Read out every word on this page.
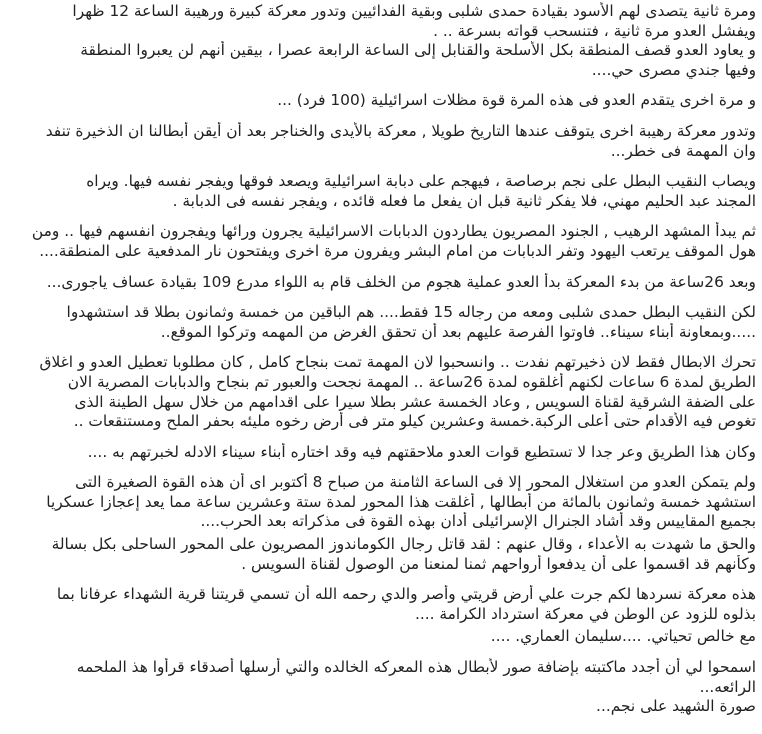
ومرة ثانية يتصدى لهم الأسود بقيادة حمدى شلبى وبقية الفدائيين وتدور معركة كبيرة ورهيبة الساعة 12 ظهرا
ويفشل العدو مرة ثانية ، فتنسحب قواته بسرعة .. .
و يعاود العدو قصف المنطقة بكل الأسلحة والقنابل إلى الساعة الرابعة عصرا ، بيقين أنهم لن يعبروا المنطقة
وفيها جندي مصرى حي....
و مرة اخرى يتقدم العدو فى هذه المرة قوة مظلات اسرائيلية (100 فرد) ...
وتدور معركة رهيبة اخرى يتوقف عندها التاريخ طويلا , معركة بالأيدى والخناجر بعد أن أيقن أبطالنا ان الذخيرة تنفد
وان المهمة فى خطر...
ويصاب النقيب البطل على نجم برصاصة ، فيهجم على دبابة اسرائيلية ويصعد فوقها ويفجر نفسه فيها. ويراه
المجند عبد الحليم مهني، فلا يفكر ثانية قبل ان يفعل ما فعله قائده ، ويفجر نفسه فى الدبابة .
ثم يبدأ المشهد الرهيب , الجنود المصريون يطاردون الدبابات الاسرائيلية يجرون ورائها ويفجرون انفسهم فيها .. ومن
هول الموقف يرتعب اليهود وتفر الدبابات من امام البشر ويفرون مرة اخرى ويفتحون نار المدفعية على المنطقة....
وبعد 26ساعة من بدء المعركة بدأ العدو عملية هجوم من الخلف قام به اللواء مدرع 109 بقيادة عساف ياجورى...
لكن النقيب البطل حمدى شلبى ومعه من رجاله 15 فقط.... هم الباقين من خمسة وثمانون بطلا قد استشهدوا
.....وبمعاونة أبناء سيناء.. فاوتوا الفرصة عليهم بعد أن تحقق الغرض من المهمه وتركوا الموقع..
تحرك الابطال فقط لان ذخيرتهم نفدت .. وانسحبوا لان المهمة تمت بنجاح كامل , كان مطلوبا تعطيل العدو و اغلاق
الطريق لمدة 6 ساعات لكنهم أغلقوه لمدة 26ساعة .. المهمة نجحت والعبور تم بنجاح والدبابات المصرية الان
على الضفة الشرقية لقناة السويس , وعاد الخمسة عشر بطلا سيرا على اقدامهم من خلال سهل الطينة الذى
تغوص فيه الأقدام حتى أعلى الركبة.خمسة وعشرين كيلو متر فى أرض رخوه مليئه بحفر الملح ومستنقعات ..
وكان هذا الطريق وعر جدا لا تستطيع قوات العدو ملاحقتهم فيه وقد اختاره أبناء سيناء الادله لخبرتهم به ....
ولم يتمكن العدو من استغلال المحور إلا فى الساعة الثامنة من صباح 8 أكتوبر اى أن هذه القوة الصغيرة التى
استشهد خمسة وثمانون بالمائة من أبطالها , أغلقت هذا المحور لمدة ستة وعشرين ساعة مما يعد إعجازا عسكريا
بجميع المقاييس وقد أشاد الجنرال الإسرائيلى أدان بهذه القوة فى مذكراته بعد الحرب....
والحق ما شهدت به الأعداء ، وقال عنهم : لقد قاتل رجال الكوماندوز المصريون على المحور الساحلى بكل بسالة
وكأنهم قد اقسموا على أن يدفعوا أرواحهم ثمنا لمنعنا من الوصول لقناة السويس .
هذه معركة نسردها لكم جرت علي أرض قريتي وأصر والدي رحمه الله أن تسمي قريتنا قرية الشهداء عرفانا بما
بذلوه للزود عن الوطن في معركة استرداد الكرامة ....
مع خالص تحياتي. ....سليمان العماري. ....
اسمحوا لي أن أجدد ماكتبته بإضافة صور لأبطال هذه المعركه الخالده والتي أرسلها أصدقاء قرأوا هذ الملحمه
الرائعه...
صورة الشهيد على نجم...
